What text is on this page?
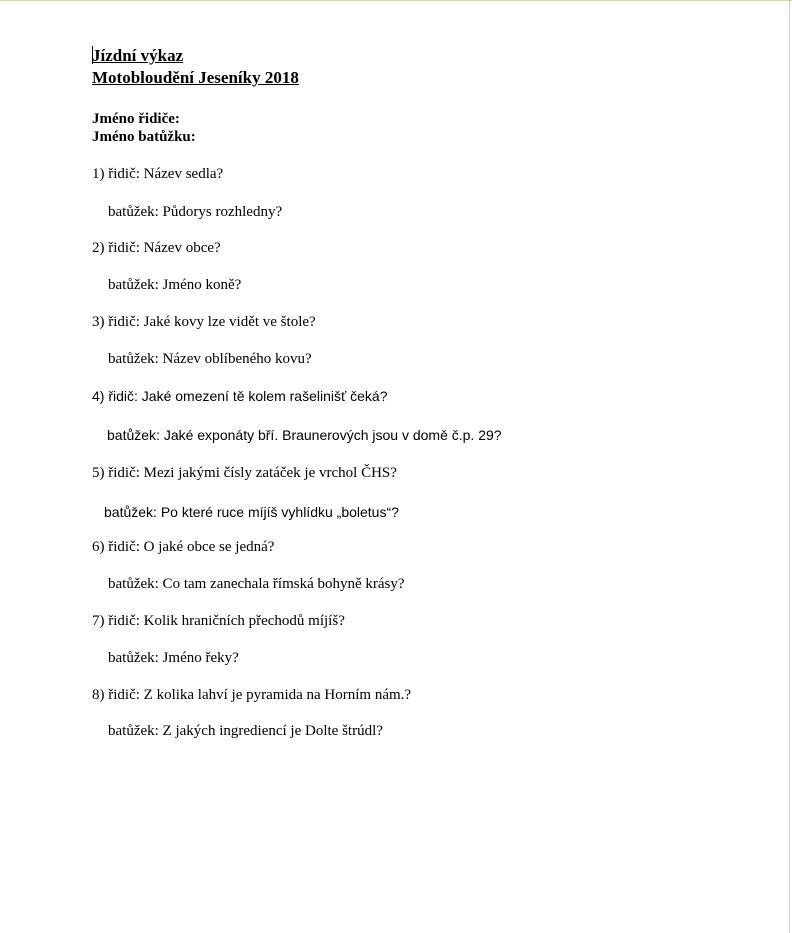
Jízdní výkaz
Motobloudění Jeseníky 2018
Jméno řidiče:
Jméno batůžku:
1) řidič: Název sedla?
batůžek: Půdorys rozhledny?
2) řidič: Název obce?
batůžek: Jméno koně?
3) řidič: Jaké kovy lze vidět ve štole?
batůžek: Název oblíbeného kovu?
4) řidič: Jaké omezení tě kolem rašelinišť čeká?
batůžek: Jaké exponáty bří. Braunerových jsou v domě č.p. 29?
5) řidič: Mezi jakými čísly zatáček je vrchol ČHS?
batůžek: Po které ruce míjíš vyhlídku „boletus“?
6) řidič: O jaké obce se jedná?
batůžek: Co tam zanechala římská bohyně krásy?
7) řidič: Kolik hraničních přechodů míjíš?
batůžek: Jméno řeky?
8) řidič: Z kolika lahví je pyramida na Horním nám.?
batůžek: Z jakých ingrediencí je Dolte štrúdl?
